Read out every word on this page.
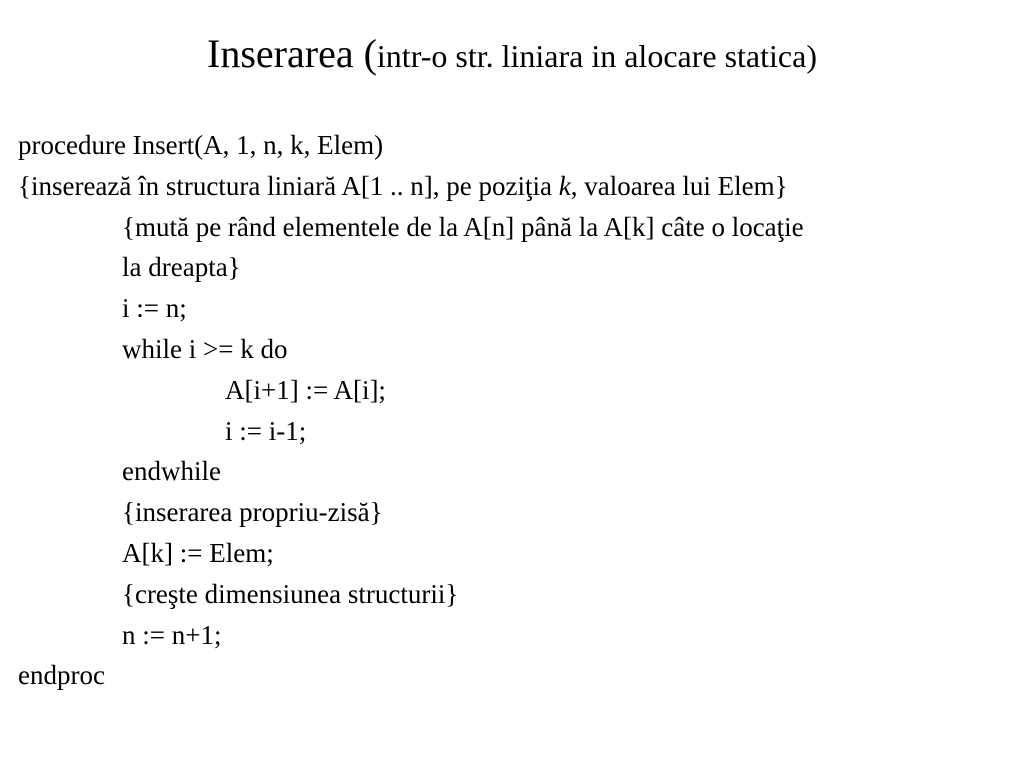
Inserarea (intr-o str. liniara in alocare statica)
procedure Insert(A, 1, n, k, Elem)
{inserează în structura liniară A[1 .. n], pe poziţia k, valoarea lui Elem}
{mută pe rând elementele de la A[n] până la A[k] câte o locaţie
la dreapta}
i := n;
while i >= k do
A[i+1] := A[i];
i := i-1;
endwhile
{inserarea propriu-zisă}
A[k] := Elem;
{creşte dimensiunea structurii}
n := n+1;
endproc
